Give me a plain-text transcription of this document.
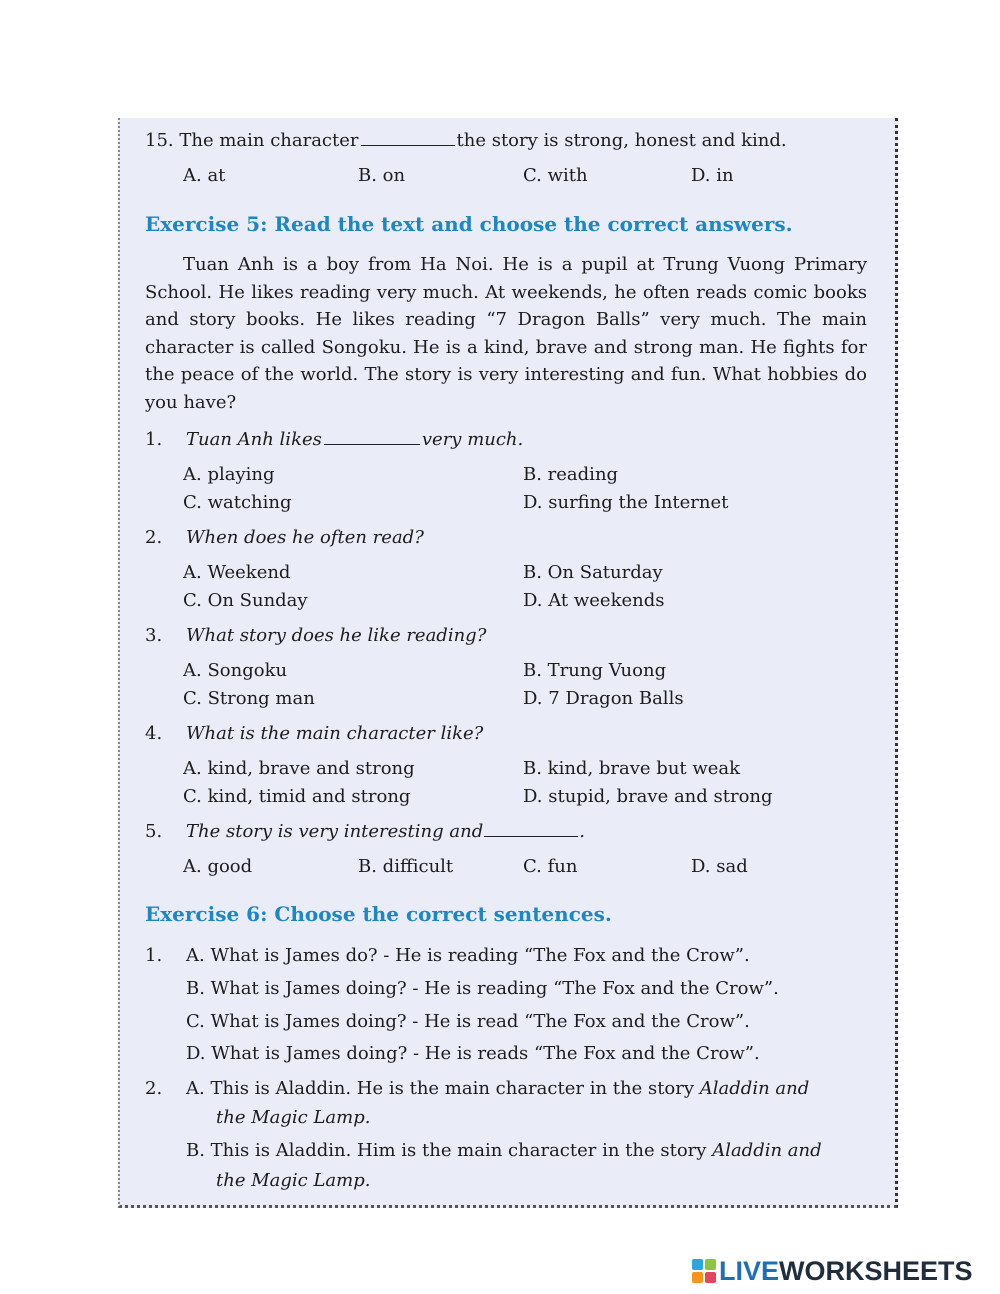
15. The main character	the story is strong, honest and kind.
A. at	B. on	C. with	D. in
Exercise 5: Read the text and choose the correct answers.
Tuan Anh is a boy from Ha Noi. He is a pupil at Trung Vuong Primary School. He likes reading very much. At weekends, he often reads comic books and story books. He likes reading “7 Dragon Balls” very much. The main character is called Songoku. He is a kind, brave and strong man. He fights for the peace of the world. The story is very interesting and fun. What hobbies do you have?
1. Tuan Anh likes	very much.
A. playing	B. reading
C. watching	D. surfing the Internet
2. When does he often read?
A. Weekend	B. On Saturday
C. On Sunday	D. At weekends
3. What story does he like reading?
A. Songoku	B. Trung Vuong
C. Strong man	D. 7 Dragon Balls
4. What is the main character like?
A. kind, brave and strong	B. kind, brave but weak
C. kind, timid and strong	D. stupid, brave and strong
5. The story is very interesting and	.
A. good	B. difficult	C. fun	D. sad
Exercise 6: Choose the correct sentences.
1. A. What is James do? - He is reading “The Fox and the Crow”.
B. What is James doing? - He is reading “The Fox and the Crow”.
C. What is James doing? - He is read “The Fox and the Crow”.
D. What is James doing? - He is reads “The Fox and the Crow”.
2. A. This is Aladdin. He is the main character in the story Aladdin and
the Magic Lamp.
B. This is Aladdin. Him is the main character in the story Aladdin and
the Magic Lamp.
LIVEWORKSHEETS
